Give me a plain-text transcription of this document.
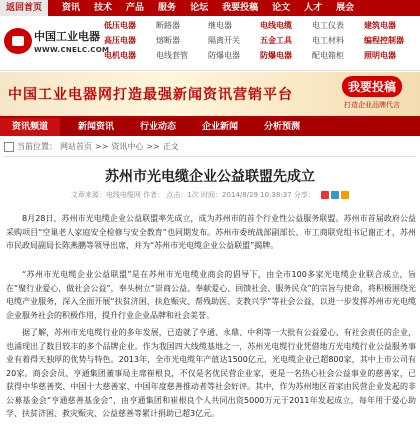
返回首页	资讯 技术 产品 服务 论坛 我要投稿 论文 人才 展会
中国工业电器
WWW.CNELC.COM
低压电器	断路器	继电器	电线电缆	电工仪表	建筑电器
高压电器	熔断器	隔离开关	五金工具	电工材料	编程控制器
电机电器	电线套管	防爆电器	防爆电器	配电箱柜	照明电器
中国工业电器网打造最强新闻资讯营销平台	我要投稿
打造企业品牌代言
资讯频道	新闻资讯	行业动态	企业新闻	分析预测
当前位置： 网站首页 >> 资讯中心 >> 正文
苏州市光电缆企业公益联盟先成立
文章来源：电线电缆网 作者： 点击：1次 时间：2014/8/29 10:38:37 分享：
8月28日，苏州市光电缆企业公益联盟率先成立，成为苏州市的首个行业性公益服务联盟。苏州市首届政府公益采购项目“空巢老人家庭安全检修与安全教育”也同期发布。苏州市委统战部副部长、市工商联党组书记谢正才，苏州市民政局副局长陈燕鹏等领导出席，并为“苏州市光电缆企业公益联盟”揭牌。
“苏州市光电缆企业公益联盟”是在苏州市光电缆业商会的倡导下，由全市100多家光电缆企业联合成立，旨在“聚行业爱心，做社会公益”，奉头树立“崇商公益、奉献爱心、回馈社会、服务民众”的宗旨与使命，将积极围绕光电缆产业服务，深入全面开展“扶贫济困、扶危赈灾、帮残助医、支教兴学”等社会公益，以进一步发挥苏州市光电缆企业服务社会的积极作用，提升行业企业品牌和社会美誉。
据了解，苏州市光电缆行业的多年发展，已造就了亨通、永鼎、中利等一大批有公益爱心、有社会责任的企业，也涌现出了数目较丰的多个品牌企业。作为我国四大线缆基地之一，苏州光电缆行业凭借地方光电缆行业公益服务事业有着得天独厚的优势与特色。2013年，全市光电缆年产值达1500亿元，光电缆企业已超800家，其中上市公司有20家。商会会员、亨通集团董事局主席崔根良，不仅是名优民营企业家，更是一名热心社会公益事业的慈善家，已获得中华慈善奖、中国十大慈善家、中国年度慈善推动者等社会好评。其中，作为苏州地区首家由民营企业发起的非公募基金会“亨通慈善基金会”，由亨通集团和崔根良个人共同出资5000万元于2011年发起成立，每年用于爱心助学、扶贫济困、救灾赈灾、公益慈善等累计捐助已超3亿元。
